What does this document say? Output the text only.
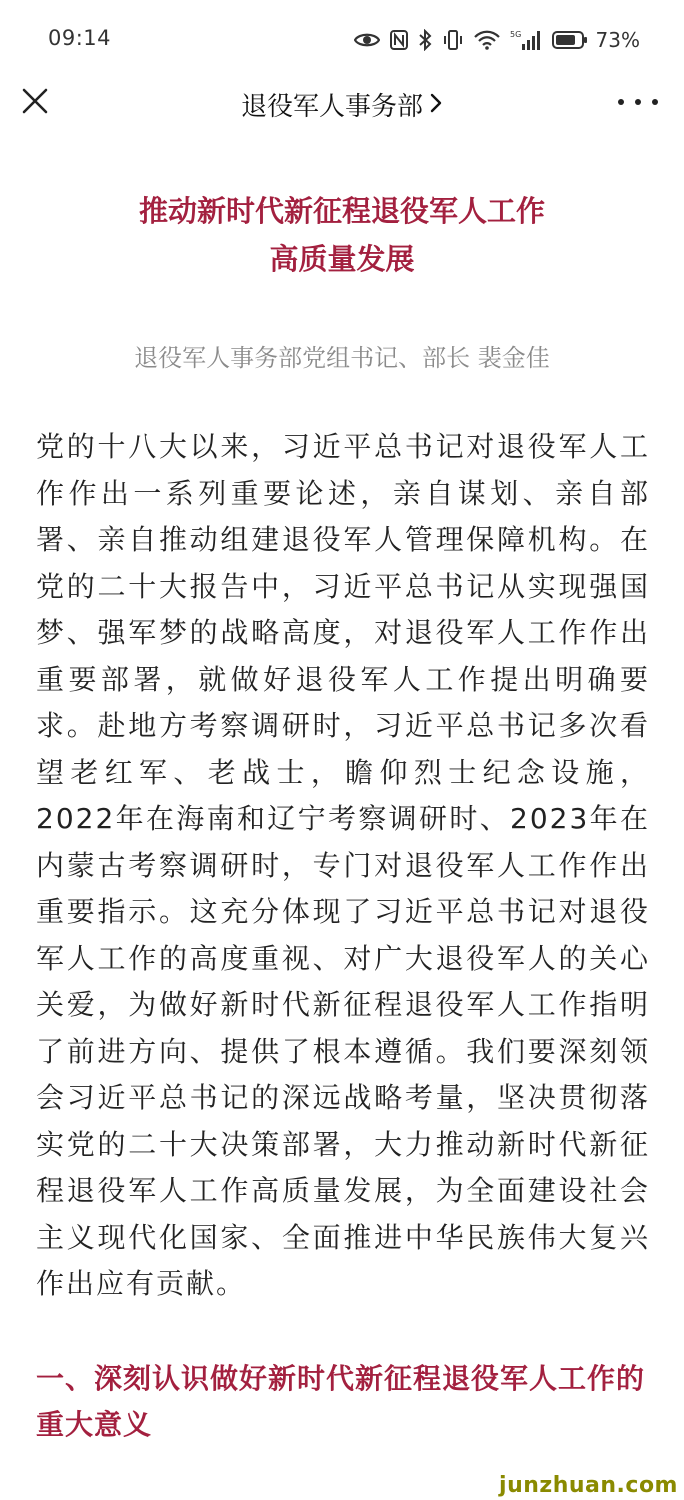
09:14	5G	73%
退役军人事务部
推动新时代新征程退役军人工作
高质量发展
退役军人事务部党组书记、部长 裴金佳

党的十八大以来，习近平总书记对退役军人工作作出一系列重要论述，亲自谋划、亲自部署、亲自推动组建退役军人管理保障机构。在党的二十大报告中，习近平总书记从实现强国梦、强军梦的战略高度，对退役军人工作作出重要部署，就做好退役军人工作提出明确要求。赴地方考察调研时，习近平总书记多次看望老红军、老战士，瞻仰烈士纪念设施，2022年在海南和辽宁考察调研时、2023年在内蒙古考察调研时，专门对退役军人工作作出重要指示。这充分体现了习近平总书记对退役军人工作的高度重视、对广大退役军人的关心关爱，为做好新时代新征程退役军人工作指明了前进方向、提供了根本遵循。我们要深刻领会习近平总书记的深远战略考量，坚决贯彻落实党的二十大决策部署，大力推动新时代新征程退役军人工作高质量发展，为全面建设社会主义现代化国家、全面推进中华民族伟大复兴作出应有贡献。

一、深刻认识做好新时代新征程退役军人工作的重大意义
junzhuan.com
